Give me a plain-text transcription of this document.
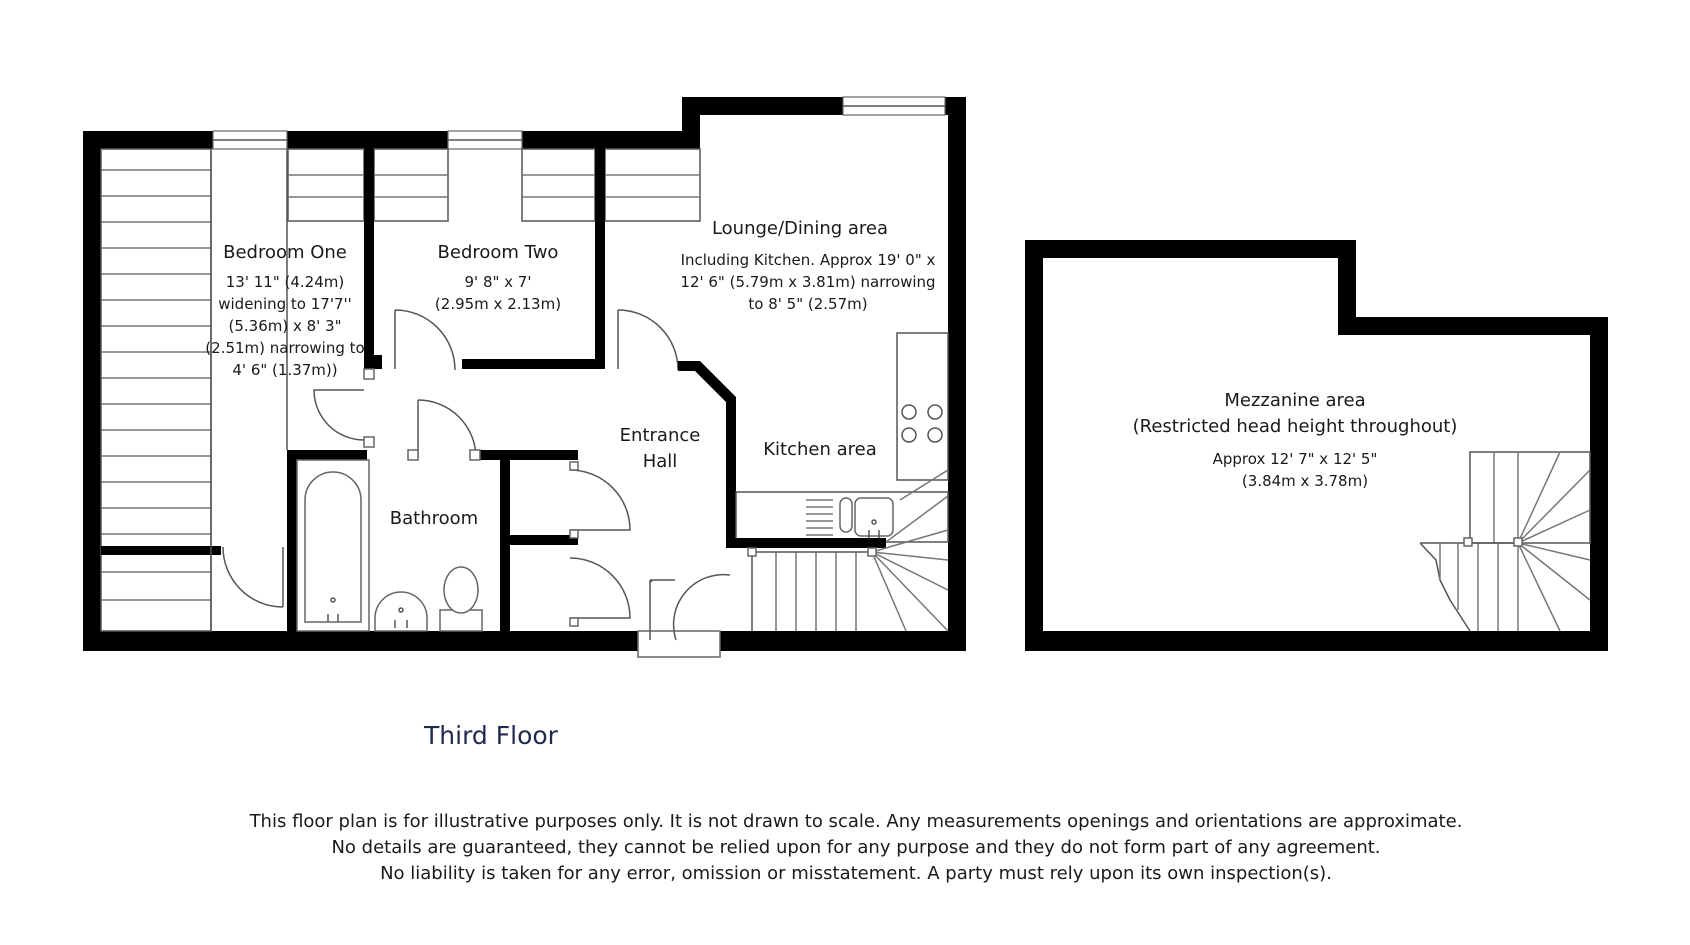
Bedroom One
13' 11" (4.24m)
widening to 17'7''
(5.36m) x 8' 3"
(2.51m) narrowing to
4' 6" (1.37m))
Bedroom Two
9' 8" x 7'
(2.95m x 2.13m)
Lounge/Dining area
Including Kitchen. Approx 19' 0" x
12' 6" (5.79m x 3.81m) narrowing
to 8' 5" (2.57m)
Entrance
Hall
Kitchen area
Bathroom
Mezzanine area
(Restricted head height throughout)
Approx 12' 7" x 12' 5"
(3.84m x 3.78m)
Third Floor
This floor plan is for illustrative purposes only. It is not drawn to scale. Any measurements openings and orientations are approximate.
No details are guaranteed, they cannot be relied upon for any purpose and they do not form part of any agreement.
No liability is taken for any error, omission or misstatement. A party must rely upon its own inspection(s).
